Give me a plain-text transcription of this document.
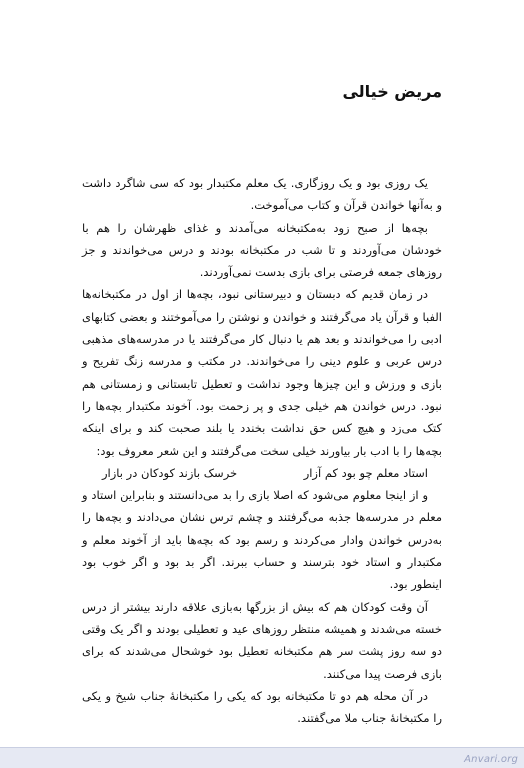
مریض خیالی

یک روزی بود و یک روزگاری. یک معلم مکتبدار بود که سی شاگرد داشت و به‌آنها خواندن قرآن و کتاب می‌آموخت.

بچه‌ها از صبح زود به‌مکتبخانه می‌آمدند و غذای ظهرشان را هم با خودشان می‌آوردند و تا شب در مکتبخانه بودند و درس می‌خواندند و جز روزهای جمعه فرصتی برای بازی بدست نمی‌آوردند.

در زمان قدیم که دبستان و دبیرستانی نبود، بچه‌ها از اول در مکتبخانه‌ها الفبا و قرآن یاد می‌گرفتند و خواندن و نوشتن را می‌آموختند و بعضی کتابهای ادبی را می‌خواندند و بعد هم یا دنبال کار می‌گرفتند یا در مدرسه‌های مذهبی درس عربی و علوم دینی را می‌خواندند. در مکتب و مدرسه زنگ تفریح و بازی و ورزش و این چیزها وجود نداشت و تعطیل تابستانی و زمستانی هم نبود. درس خواندن هم خیلی جدی و پر زحمت بود. آخوند مکتبدار بچه‌ها را کتک می‌زد و هیچ کس حق نداشت بخندد یا بلند صحبت کند و برای اینکه بچه‌ها را با ادب بار بیاورند خیلی سخت می‌گرفتند و این شعر معروف بود:

استاد معلم چو بود کم آزار
خرسک بازند کودکان در بازار

و از اینجا معلوم می‌شود که اصلا بازی را بد می‌دانستند و بنابراین استاد و معلم در مدرسه‌ها جذبه می‌گرفتند و چشم ترس نشان می‌دادند و بچه‌ها را به‌درس خواندن وادار می‌کردند و رسم بود که بچه‌ها باید از آخوند معلم و مکتبدار و استاد خود بترسند و حساب ببرند. اگر بد بود و اگر خوب بود اینطور بود.

آن وقت کودکان هم که بیش از بزرگها به‌بازی علاقه دارند بیشتر از درس خسته می‌شدند و همیشه منتظر روزهای عید و تعطیلی بودند و اگر یک وقتی دو سه روز پشت سر هم مکتبخانه تعطیل بود خوشحال می‌شدند که برای بازی فرصت پیدا می‌کنند.

در آن محله هم دو تا مکتبخانه بود که یکی را مکتبخانهٔ جناب شیخ و یکی را مکتبخانهٔ جناب ملا می‌گفتند.

Anvari.org
